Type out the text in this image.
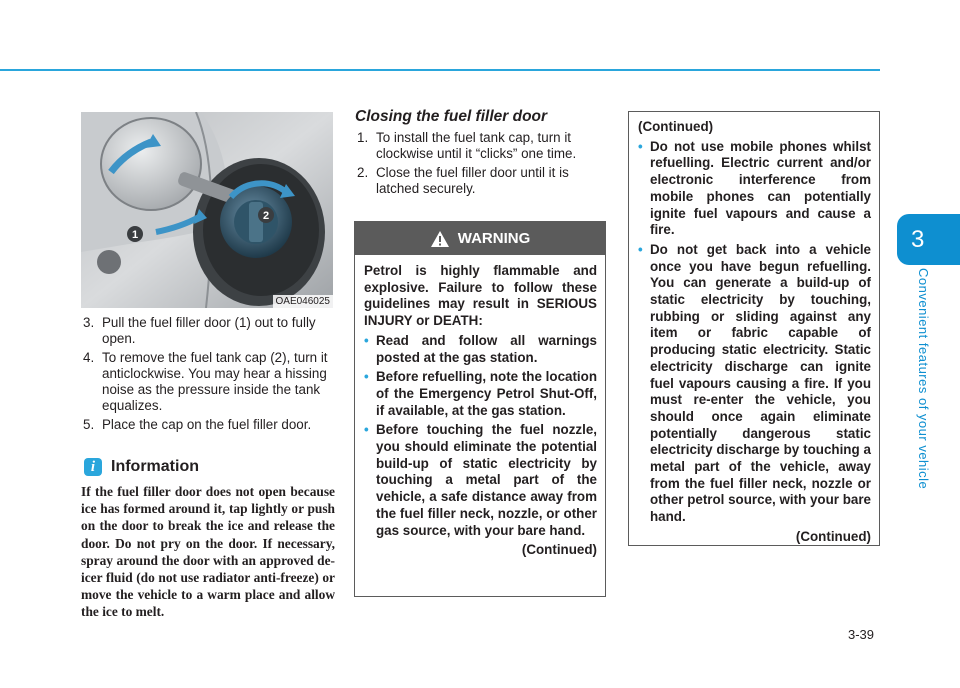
3
Convenient features of your vehicle
1
2
OAE046025
3. Pull the fuel filler door (1) out to fully open.
4. To remove the fuel tank cap (2), turn it anticlockwise. You may hear a hissing noise as the pressure inside the tank equalizes.
5. Place the cap on the fuel filler door.
i Information
If the fuel filler door does not open because ice has formed around it, tap lightly or push on the door to break the ice and release the door. Do not pry on the door. If necessary, spray around the door with an approved de-icer fluid (do not use radiator anti-freeze) or move the vehicle to a warm place and allow the ice to melt.
Closing the fuel filler door
1. To install the fuel tank cap, turn it clockwise until it “clicks” one time.
2. Close the fuel filler door until it is latched securely.
WARNING
Petrol is highly flammable and explosive. Failure to follow these guidelines may result in SERIOUS INJURY or DEATH:
• Read and follow all warnings posted at the gas station.
• Before refuelling, note the location of the Emergency Petrol Shut-Off, if available, at the gas station.
• Before touching the fuel nozzle, you should eliminate the potential build-up of static electricity by touching a metal part of the vehicle, a safe distance away from the fuel filler neck, nozzle, or other gas source, with your bare hand.
(Continued)
(Continued)
• Do not use mobile phones whilst refuelling. Electric current and/or electronic interference from mobile phones can potentially ignite fuel vapours and cause a fire.
• Do not get back into a vehicle once you have begun refuelling. You can generate a build-up of static electricity by touching, rubbing or sliding against any item or fabric capable of producing static electricity. Static electricity discharge can ignite fuel vapours causing a fire. If you must re-enter the vehicle, you should once again eliminate potentially dangerous static electricity discharge by touching a metal part of the vehicle, away from the fuel filler neck, nozzle or other petrol source, with your bare hand.
(Continued)
3-39
